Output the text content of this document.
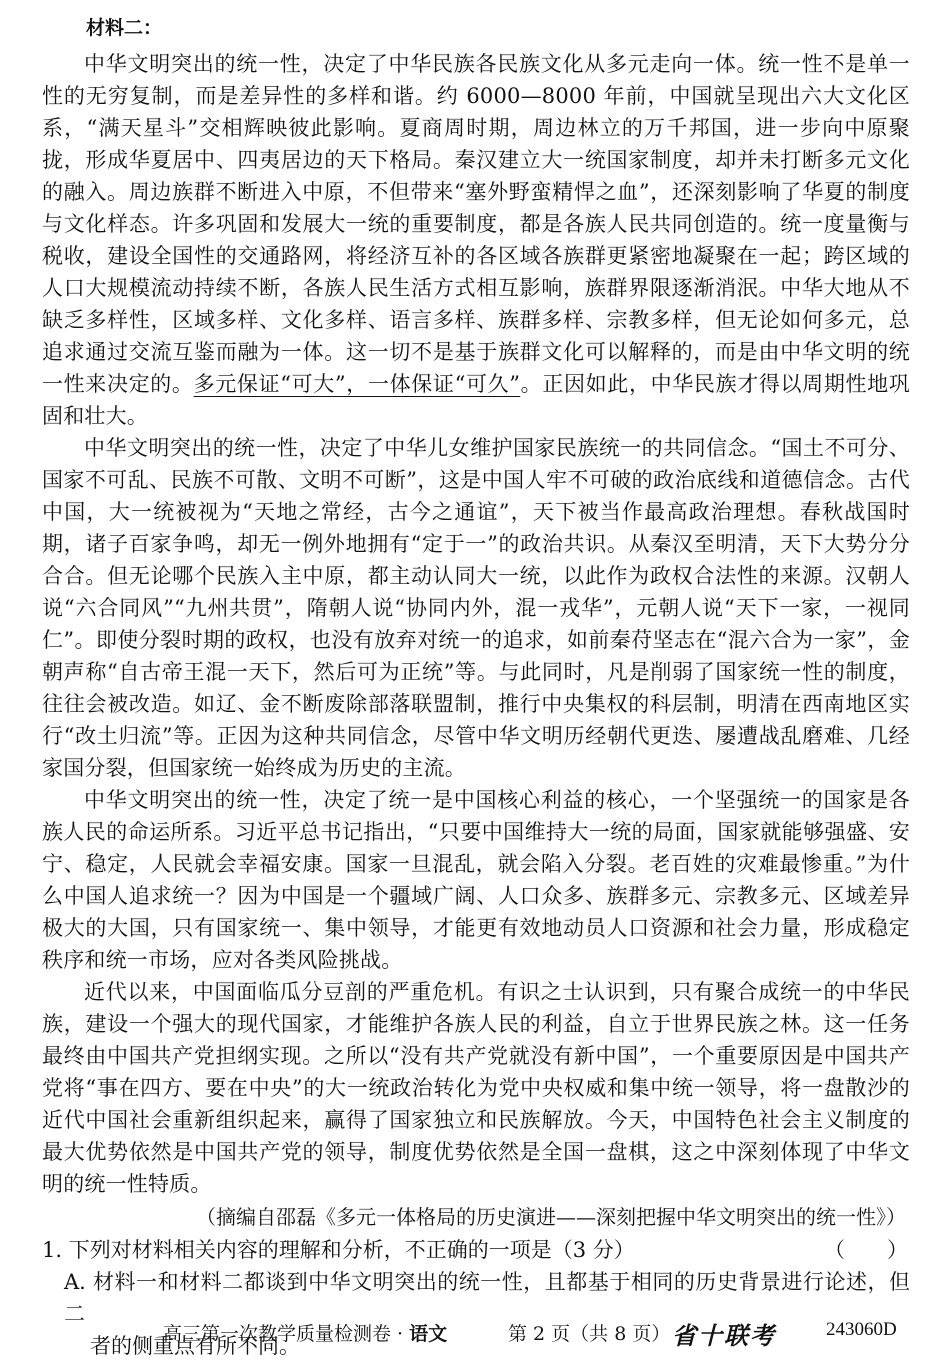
材料二：

中华文明突出的统一性，决定了中华民族各民族文化从多元走向一体。统一性不是单一性的无穷复制，而是差异性的多样和谐。约 6000—8000 年前，中国就呈现出六大文化区系，“满天星斗”交相辉映彼此影响。夏商周时期，周边林立的万千邦国，进一步向中原聚拢，形成华夏居中、四夷居边的天下格局。秦汉建立大一统国家制度，却并未打断多元文化的融入。周边族群不断进入中原，不但带来“塞外野蛮精悍之血”，还深刻影响了华夏的制度与文化样态。许多巩固和发展大一统的重要制度，都是各族人民共同创造的。统一度量衡与税收，建设全国性的交通路网，将经济互补的各区域各族群更紧密地凝聚在一起；跨区域的人口大规模流动持续不断，各族人民生活方式相互影响，族群界限逐渐消泯。中华大地从不缺乏多样性，区域多样、文化多样、语言多样、族群多样、宗教多样，但无论如何多元，总追求通过交流互鉴而融为一体。这一切不是基于族群文化可以解释的，而是由中华文明的统一性来决定的。多元保证“可大”，一体保证“可久”。正因如此，中华民族才得以周期性地巩固和壮大。

中华文明突出的统一性，决定了中华儿女维护国家民族统一的共同信念。“国土不可分、国家不可乱、民族不可散、文明不可断”，这是中国人牢不可破的政治底线和道德信念。古代中国，大一统被视为“天地之常经，古今之通谊”，天下被当作最高政治理想。春秋战国时期，诸子百家争鸣，却无一例外地拥有“定于一”的政治共识。从秦汉至明清，天下大势分分合合。但无论哪个民族入主中原，都主动认同大一统，以此作为政权合法性的来源。汉朝人说“六合同风”“九州共贯”，隋朝人说“协同内外，混一戎华”，元朝人说“天下一家，一视同仁”。即使分裂时期的政权，也没有放弃对统一的追求，如前秦苻坚志在“混六合为一家”，金朝声称“自古帝王混一天下，然后可为正统”等。与此同时，凡是削弱了国家统一性的制度，往往会被改造。如辽、金不断废除部落联盟制，推行中央集权的科层制，明清在西南地区实行“改土归流”等。正因为这种共同信念，尽管中华文明历经朝代更迭、屡遭战乱磨难、几经家国分裂，但国家统一始终成为历史的主流。

中华文明突出的统一性，决定了统一是中国核心利益的核心，一个坚强统一的国家是各族人民的命运所系。习近平总书记指出，“只要中国维持大一统的局面，国家就能够强盛、安宁、稳定，人民就会幸福安康。国家一旦混乱，就会陷入分裂。老百姓的灾难最惨重。”为什么中国人追求统一？因为中国是一个疆域广阔、人口众多、族群多元、宗教多元、区域差异极大的大国，只有国家统一、集中领导，才能更有效地动员人口资源和社会力量，形成稳定秩序和统一市场，应对各类风险挑战。

近代以来，中国面临瓜分豆剖的严重危机。有识之士认识到，只有聚合成统一的中华民族，建设一个强大的现代国家，才能维护各族人民的利益，自立于世界民族之林。这一任务最终由中国共产党担纲实现。之所以“没有共产党就没有新中国”，一个重要原因是中国共产党将“事在四方、要在中央”的大一统政治转化为党中央权威和集中统一领导，将一盘散沙的近代中国社会重新组织起来，赢得了国家独立和民族解放。今天，中国特色社会主义制度的最大优势依然是中国共产党的领导，制度优势依然是全国一盘棋，这之中深刻体现了中华文明的统一性特质。

（摘编自邵磊《多元一体格局的历史演进——深刻把握中华文明突出的统一性》）
1. 下列对材料相关内容的理解和分析，不正确的一项是（3 分）	（　　）
A. 材料一和材料二都谈到中华文明突出的统一性，且都基于相同的历史背景进行论述，但二
者的侧重点有所不同。
高三第一次教学质量检测卷 · 语文	第 2 页（共 8 页） 省十联考	243060D
